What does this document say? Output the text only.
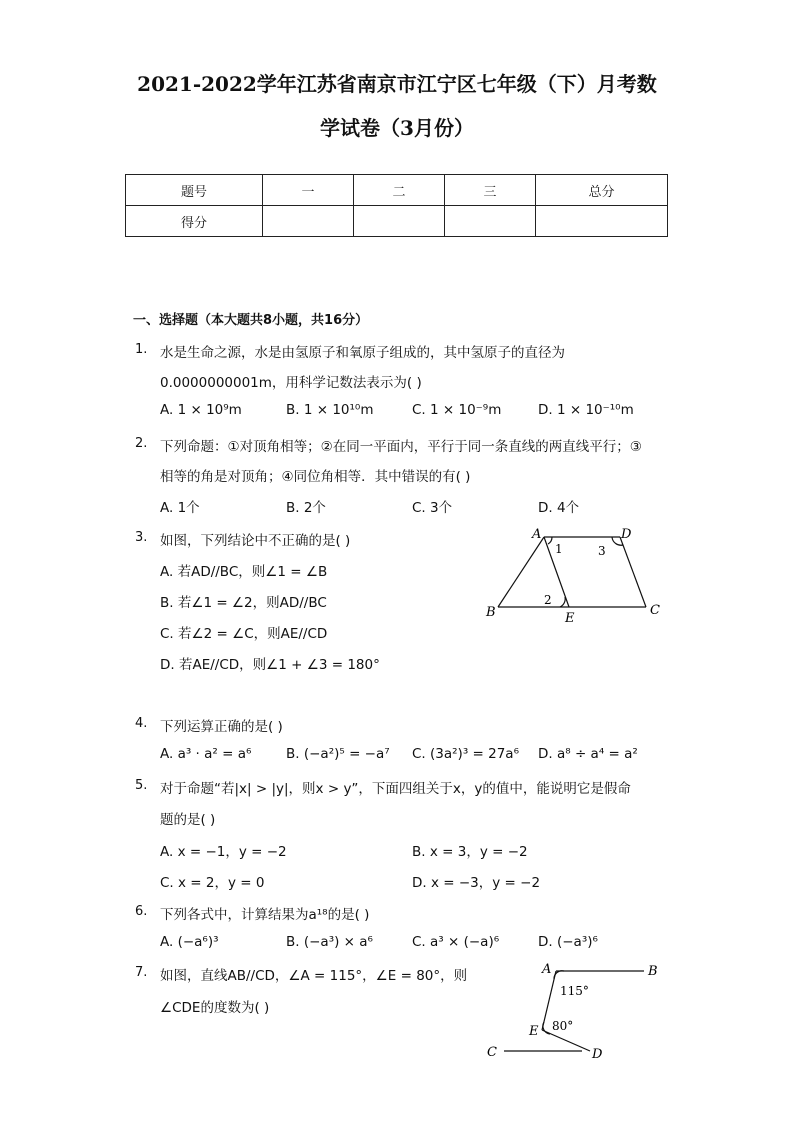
2021-2022学年江苏省南京市江宁区七年级（下）月考数
学试卷（3月份）
题号	一	二	三	总分
得分				
一、选择题（本大题共8小题，共16分）
1. 水是生命之源，水是由氢原子和氧原子组成的，其中氢原子的直径为
0.0000000001m，用科学记数法表示为( )
A. 1 × 10⁹m	B. 1 × 10¹⁰m	C. 1 × 10⁻⁹m	D. 1 × 10⁻¹⁰m
2. 下列命题：①对顶角相等；②在同一平面内，平行于同一条直线的两直线平行；③
相等的角是对顶角；④同位角相等．其中错误的有( )
A. 1个	B. 2个	C. 3个	D. 4个
3. 如图，下列结论中不正确的是( )
A. 若AD//BC，则∠1 = ∠B
B. 若∠1 = ∠2，则AD//BC
C. 若∠2 = ∠C，则AE//CD
D. 若AE//CD，则∠1 + ∠3 = 180°
A	D
B	C
E
1
2
3
4. 下列运算正确的是( )
A. a³ · a² = a⁶	B. (−a²)⁵ = −a⁷ C. (3a²)³ = 27a⁶ D. a⁸ ÷ a⁴ = a²
5. 对于命题“若|x| > |y|，则x > y”，下面四组关于x，y的值中，能说明它是假命
题的是( )
A. x = −1，y = −2	B. x = 3，y = −2
C. x = 2，y = 0	D. x = −3，y = −2
6. 下列各式中，计算结果为a¹⁸的是( )
A. (−a⁶)³	B. (−a³) × a⁶	C. a³ × (−a)⁶	D. (−a³)⁶
7. 如图，直线AB//CD，∠A = 115°，∠E = 80°，则
∠CDE的度数为( )
A	B
C	D
E
115°
80°
